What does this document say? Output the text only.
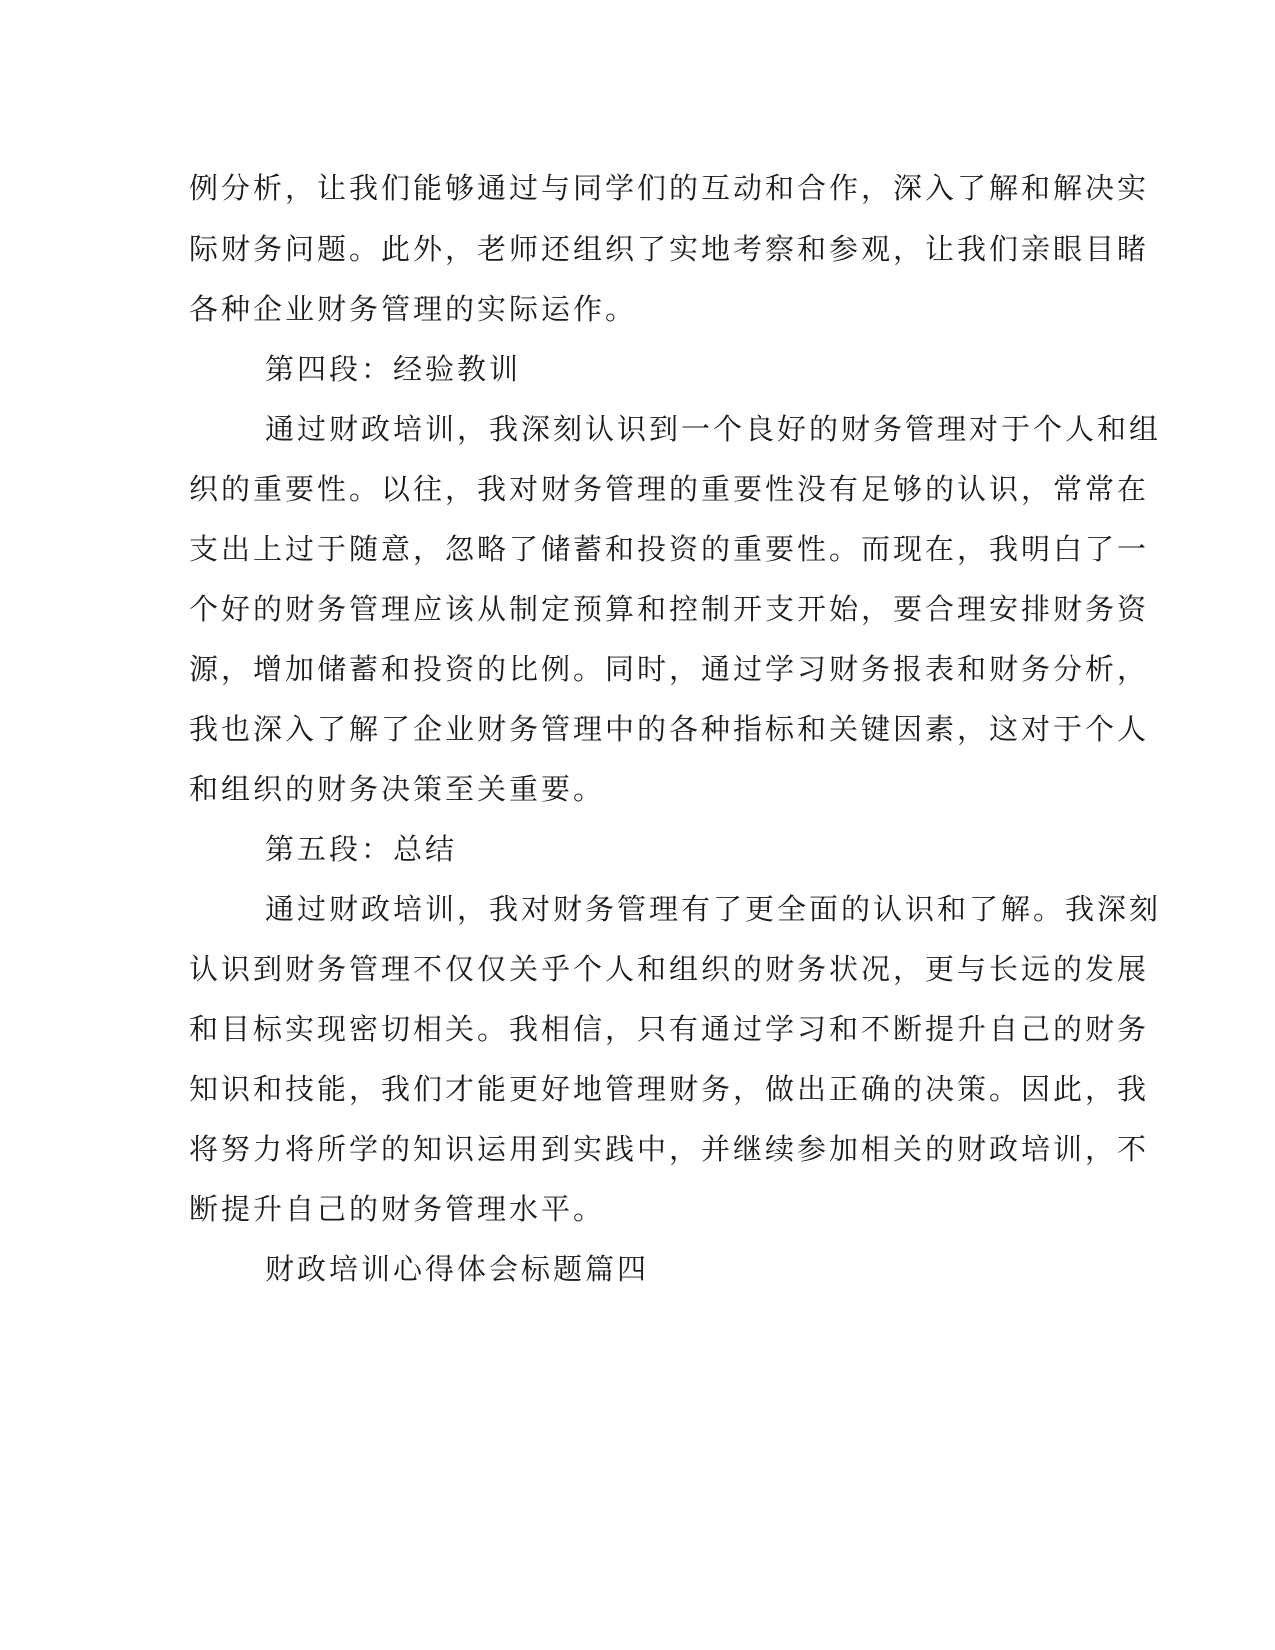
例分析，让我们能够通过与同学们的互动和合作，深入了解和解决实
际财务问题。此外，老师还组织了实地考察和参观，让我们亲眼目睹
各种企业财务管理的实际运作。
第四段：经验教训
通过财政培训，我深刻认识到一个良好的财务管理对于个人和组
织的重要性。以往，我对财务管理的重要性没有足够的认识，常常在
支出上过于随意，忽略了储蓄和投资的重要性。而现在，我明白了一
个好的财务管理应该从制定预算和控制开支开始，要合理安排财务资
源，增加储蓄和投资的比例。同时，通过学习财务报表和财务分析，
我也深入了解了企业财务管理中的各种指标和关键因素，这对于个人
和组织的财务决策至关重要。
第五段：总结
通过财政培训，我对财务管理有了更全面的认识和了解。我深刻
认识到财务管理不仅仅关乎个人和组织的财务状况，更与长远的发展
和目标实现密切相关。我相信，只有通过学习和不断提升自己的财务
知识和技能，我们才能更好地管理财务，做出正确的决策。因此，我
将努力将所学的知识运用到实践中，并继续参加相关的财政培训，不
断提升自己的财务管理水平。
财政培训心得体会标题篇四
